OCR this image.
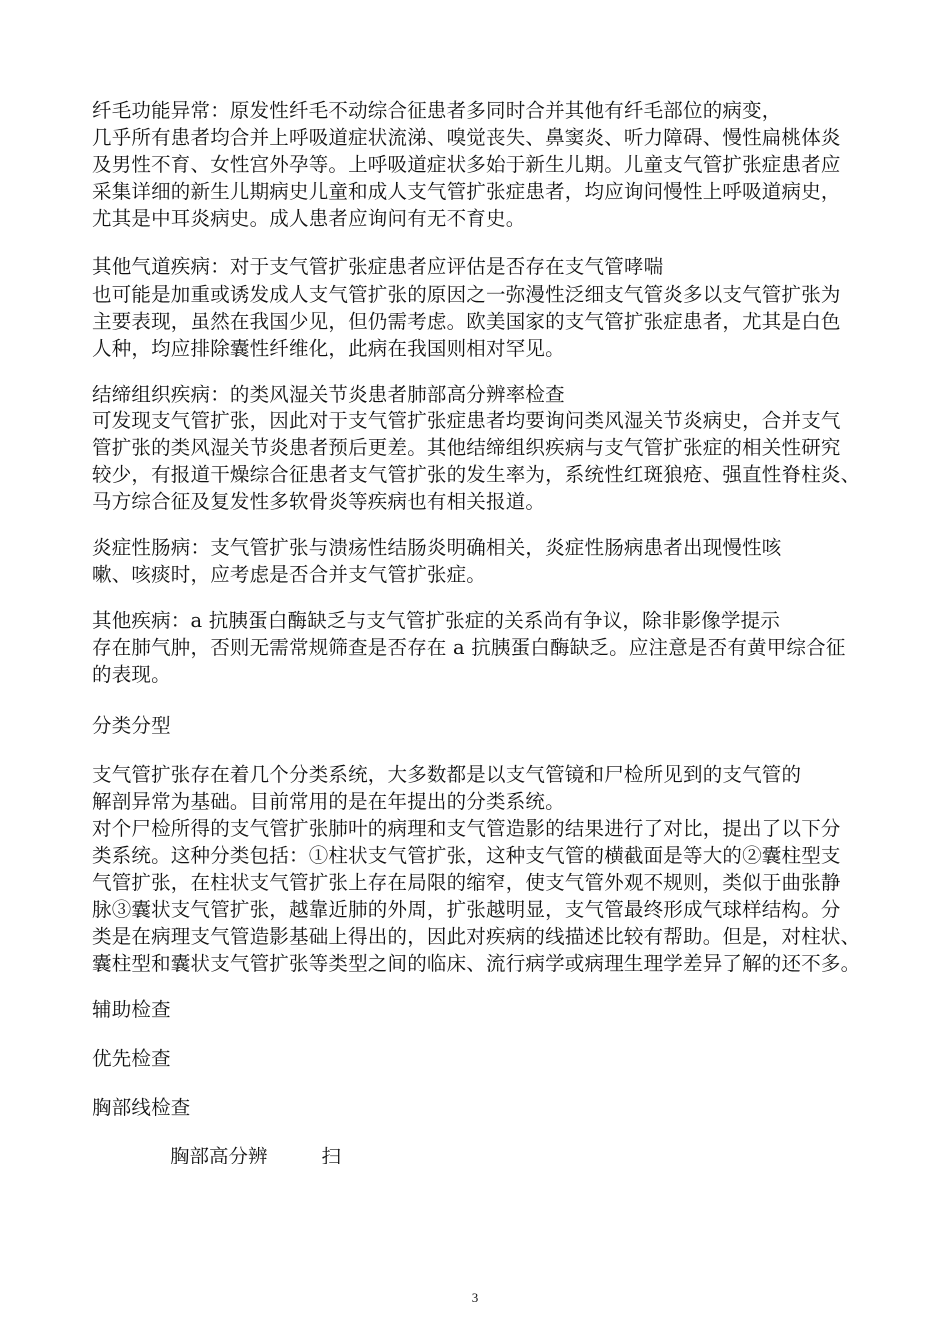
纤毛功能异常：原发性纤毛不动综合征患者多同时合并其他有纤毛部位的病变，
几乎所有患者均合并上呼吸道症状流涕、嗅觉丧失、鼻窦炎、听力障碍、慢性扁桃体炎
及男性不育、女性宫外孕等。上呼吸道症状多始于新生儿期。儿童支气管扩张症患者应
采集详细的新生儿期病史儿童和成人支气管扩张症患者，均应询问慢性上呼吸道病史，
尤其是中耳炎病史。成人患者应询问有无不育史。
其他气道疾病：对于支气管扩张症患者应评估是否存在支气管哮喘
也可能是加重或诱发成人支气管扩张的原因之一弥漫性泛细支气管炎多以支气管扩张为
主要表现，虽然在我国少见，但仍需考虑。欧美国家的支气管扩张症患者，尤其是白色
人种，均应排除囊性纤维化，此病在我国则相对罕见。
结缔组织疾病：的类风湿关节炎患者肺部高分辨率检查
可发现支气管扩张，因此对于支气管扩张症患者均要询问类风湿关节炎病史，合并支气
管扩张的类风湿关节炎患者预后更差。其他结缔组织疾病与支气管扩张症的相关性研究
较少，有报道干燥综合征患者支气管扩张的发生率为，系统性红斑狼疮、强直性脊柱炎、
马方综合征及复发性多软骨炎等疾病也有相关报道。
炎症性肠病：支气管扩张与溃疡性结肠炎明确相关，炎症性肠病患者出现慢性咳
嗽、咳痰时，应考虑是否合并支气管扩张症。
其他疾病：a 抗胰蛋白酶缺乏与支气管扩张症的关系尚有争议，除非影像学提示
存在肺气肿，否则无需常规筛查是否存在 a 抗胰蛋白酶缺乏。应注意是否有黄甲综合征
的表现。
分类分型
支气管扩张存在着几个分类系统，大多数都是以支气管镜和尸检所见到的支气管的
解剖异常为基础。目前常用的是在年提出的分类系统。
对个尸检所得的支气管扩张肺叶的病理和支气管造影的结果进行了对比，提出了以下分
类系统。这种分类包括：①柱状支气管扩张，这种支气管的横截面是等大的②囊柱型支
气管扩张，在柱状支气管扩张上存在局限的缩窄，使支气管外观不规则，类似于曲张静
脉③囊状支气管扩张，越靠近肺的外周，扩张越明显，支气管最终形成气球样结构。分
类是在病理支气管造影基础上得出的，因此对疾病的线描述比较有帮助。但是，对柱状、
囊柱型和囊状支气管扩张等类型之间的临床、流行病学或病理生理学差异了解的还不多。
辅助检查
优先检查
胸部线检查
胸部高分辨	扫
3
